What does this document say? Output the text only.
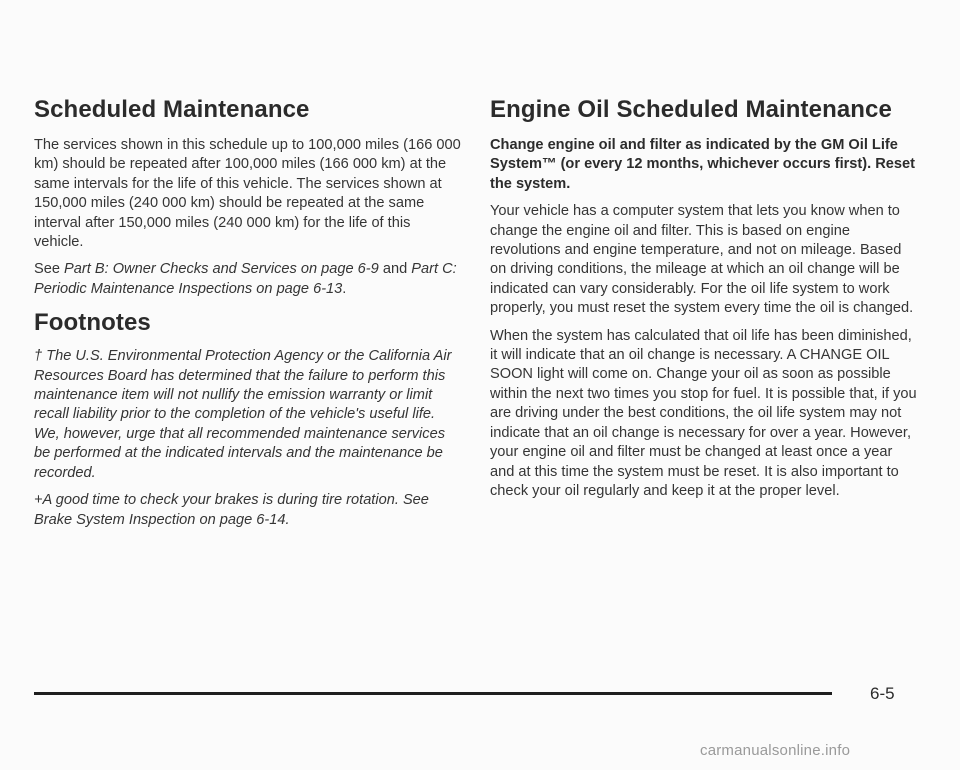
Scheduled Maintenance

The services shown in this schedule up to 100,000 miles (166 000 km) should be repeated after 100,000 miles (166 000 km) at the same intervals for the life of this vehicle. The services shown at 150,000 miles (240 000 km) should be repeated at the same interval after 150,000 miles (240 000 km) for the life of this vehicle.

See Part B: Owner Checks and Services on page 6-9 and Part C: Periodic Maintenance Inspections on page 6-13.

Footnotes

† The U.S. Environmental Protection Agency or the California Air Resources Board has determined that the failure to perform this maintenance item will not nullify the emission warranty or limit recall liability prior to the completion of the vehicle's useful life. We, however, urge that all recommended maintenance services be performed at the indicated intervals and the maintenance be recorded.

+A good time to check your brakes is during tire rotation. See Brake System Inspection on page 6-14.

Engine Oil Scheduled Maintenance

Change engine oil and filter as indicated by the GM Oil Life System™ (or every 12 months, whichever occurs first). Reset the system.

Your vehicle has a computer system that lets you know when to change the engine oil and filter. This is based on engine revolutions and engine temperature, and not on mileage. Based on driving conditions, the mileage at which an oil change will be indicated can vary considerably. For the oil life system to work properly, you must reset the system every time the oil is changed.

When the system has calculated that oil life has been diminished, it will indicate that an oil change is necessary. A CHANGE OIL SOON light will come on. Change your oil as soon as possible within the next two times you stop for fuel. It is possible that, if you are driving under the best conditions, the oil life system may not indicate that an oil change is necessary for over a year. However, your engine oil and filter must be changed at least once a year and at this time the system must be reset. It is also important to check your oil regularly and keep it at the proper level.

6-5
carmanualsonline.info
